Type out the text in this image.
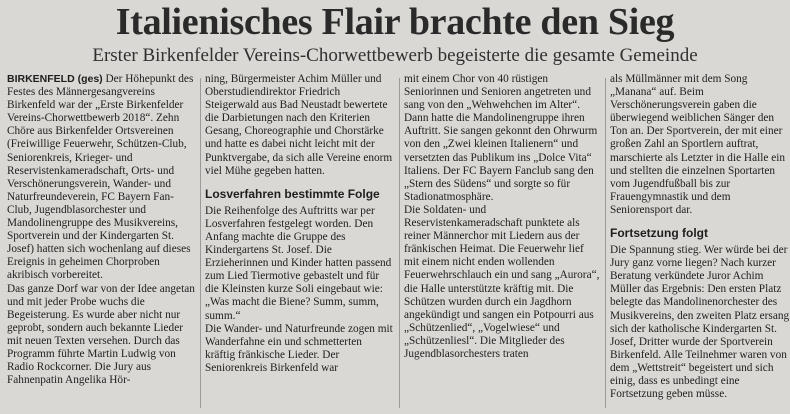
Italienisches Flair brachte den Sieg
Erster Birkenfelder Vereins-Chorwettbewerb begeisterte die gesamte Gemeinde

BIRKENFELD (ges) Der Höhepunkt des Festes des Männergesangvereins Birkenfeld war der „Erste Birkenfelder Vereins-Chorwettbewerb 2018“. Zehn Chöre aus Birkenfelder Ortsvereinen (Freiwillige Feuerwehr, Schützen-Club, Seniorenkreis, Krieger- und Reservistenkameradschaft, Orts- und Verschönerungsverein, Wander- und Naturfreundeverein, FC Bayern Fan-Club, Jugendblasorchester und Mandolinengruppe des Musikvereins, Sportverein und der Kindergarten St. Josef) hatten sich wochenlang auf dieses Ereignis in geheimen Chorproben akribisch vorbereitet.

Das ganze Dorf war von der Idee angetan und mit jeder Probe wuchs die Begeisterung. Es wurde aber nicht nur geprobt, sondern auch bekannte Lieder mit neuen Texten versehen. Durch das Programm führte Martin Ludwig von Radio Rockcorner. Die Jury aus Fahnenpatin Angelika Hör-

ning, Bürgermeister Achim Müller und Oberstudiendirektor Friedrich Steigerwald aus Bad Neustadt bewertete die Darbietungen nach den Kriterien Gesang, Choreographie und Chorstärke und hatte es dabei nicht leicht mit der Punktvergabe, da sich alle Vereine enorm viel Mühe gegeben hatten.

Losverfahren bestimmte Folge

Die Reihenfolge des Auftritts war per Losverfahren festgelegt worden. Den Anfang machte die Gruppe des Kindergartens St. Josef. Die Erzieherinnen und Kinder hatten passend zum Lied Tiermotive gebastelt und für die Kleinsten kurze Soli eingebaut wie: „Was macht die Biene? Summ, summ, summ.“

Die Wander- und Naturfreunde zogen mit Wanderfahne ein und schmetterten kräftig fränkische Lieder. Der Seniorenkreis Birkenfeld war

mit einem Chor von 40 rüstigen Seniorinnen und Senioren angetreten und sang von den „Wehwehchen im Alter“.

Dann hatte die Mandolinengruppe ihren Auftritt. Sie sangen gekonnt den Ohrwurm von den „Zwei kleinen Italienern“ und versetzten das Publikum ins „Dolce Vita“ Italiens. Der FC Bayern Fanclub sang den „Stern des Südens“ und sorgte so für Stadionatmosphäre.

Die Soldaten- und Reservistenkameradschaft punktete als reiner Männerchor mit Liedern aus der fränkischen Heimat. Die Feuerwehr lief mit einem nicht enden wollenden Feuerwehrschlauch ein und sang „Aurora“, die Halle unterstützte kräftig mit. Die Schützen wurden durch ein Jagdhorn angekündigt und sangen ein Potpourri aus „Schützenlied“, „Vogelwiese“ und „Schützenliesl“. Die Mitglieder des Jugendblasorchesters traten

als Müllmänner mit dem Song „Manana“ auf. Beim Verschönerungsverein gaben die überwiegend weiblichen Sänger den Ton an. Der Sportverein, der mit einer großen Zahl an Sportlern auftrat, marschierte als Letzter in die Halle ein und stellten die einzelnen Sportarten vom Jugendfußball bis zur Frauengymnastik und dem Seniorensport dar.

Fortsetzung folgt

Die Spannung stieg. Wer würde bei der Jury ganz vorne liegen? Nach kurzer Beratung verkündete Juror Achim Müller das Ergebnis: Den ersten Platz belegte das Mandolinenorchester des Musikvereins, den zweiten Platz ersang sich der katholische Kindergarten St. Josef, Dritter wurde der Sportverein Birkenfeld. Alle Teilnehmer waren von dem „Wettstreit“ begeistert und sich einig, dass es unbedingt eine Fortsetzung geben müsse.
